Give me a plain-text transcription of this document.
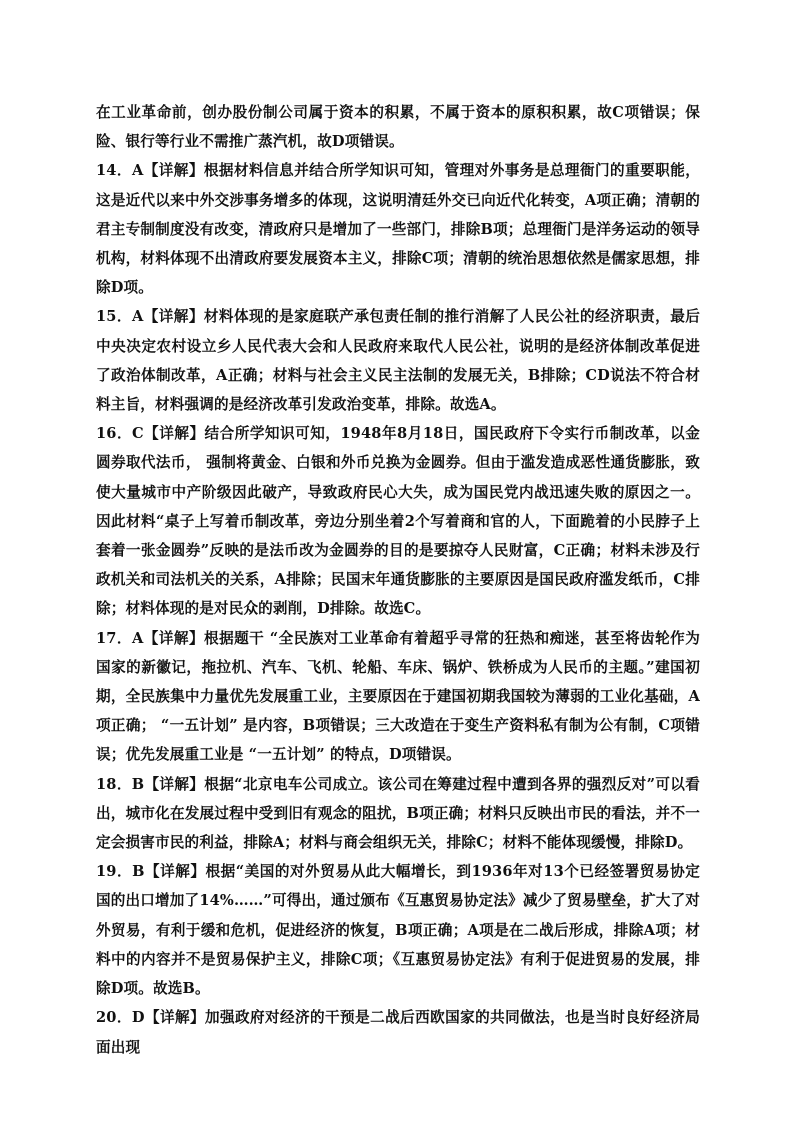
在工业革命前，创办股份制公司属于资本的积累，不属于资本的原积积累，故C项错误；保险、银行等行业不需推广蒸汽机，故D项错误。

14．A【详解】根据材料信息并结合所学知识可知，管理对外事务是总理衙门的重要职能，这是近代以来中外交涉事务增多的体现，这说明清廷外交已向近代化转变，A项正确；清朝的君主专制制度没有改变，清政府只是增加了一些部门，排除B项；总理衙门是洋务运动的领导机构，材料体现不出清政府要发展资本主义，排除C项；清朝的统治思想依然是儒家思想，排除D项。

15．A【详解】材料体现的是家庭联产承包责任制的推行消解了人民公社的经济职责，最后中央决定农村设立乡人民代表大会和人民政府来取代人民公社，说明的是经济体制改革促进了政治体制改革，A正确；材料与社会主义民主法制的发展无关，B排除；CD说法不符合材料主旨，材料强调的是经济改革引发政治变革，排除。故选A。

16．C【详解】结合所学知识可知，1948年8月18日，国民政府下令实行币制改革，以金圆券取代法币， 强制将黄金、白银和外币兑换为金圆券。但由于滥发造成恶性通货膨胀，致使大量城市中产阶级因此破产，导致政府民心大失，成为国民党内战迅速失败的原因之一。因此材料“桌子上写着币制改革，旁边分别坐着2个写着商和官的人，下面跪着的小民脖子上套着一张金圆券”反映的是法币改为金圆券的目的是要掠夺人民财富，C正确；材料未涉及行政机关和司法机关的关系，A排除；民国末年通货膨胀的主要原因是国民政府滥发纸币，C排除；材料体现的是对民众的剥削，D排除。故选C。

17．A【详解】根据题干 “全民族对工业革命有着超乎寻常的狂热和痴迷，甚至将齿轮作为国家的新徽记，拖拉机、汽车、飞机、轮船、车床、锅炉、铁桥成为人民币的主题。”建国初期，全民族集中力量优先发展重工业，主要原因在于建国初期我国较为薄弱的工业化基础，A项正确； “一五计划” 是内容，B项错误；三大改造在于变生产资料私有制为公有制，C项错误；优先发展重工业是 “一五计划” 的特点，D项错误。

18．B【详解】根据“北京电车公司成立。该公司在筹建过程中遭到各界的强烈反对”可以看出，城市化在发展过程中受到旧有观念的阻扰，B项正确；材料只反映出市民的看法，并不一定会损害市民的利益，排除A；材料与商会组织无关，排除C；材料不能体现缓慢，排除D。

19．B【详解】根据“美国的对外贸易从此大幅增长，到1936年对13个已经签署贸易协定国的出口增加了14%……”可得出，通过颁布《互惠贸易协定法》减少了贸易壁垒，扩大了对外贸易，有利于缓和危机，促进经济的恢复，B项正确；A项是在二战后形成，排除A项；材料中的内容并不是贸易保护主义，排除C项；《互惠贸易协定法》有利于促进贸易的发展，排除D项。故选B。

20．D【详解】加强政府对经济的干预是二战后西欧国家的共同做法，也是当时良好经济局面出现
